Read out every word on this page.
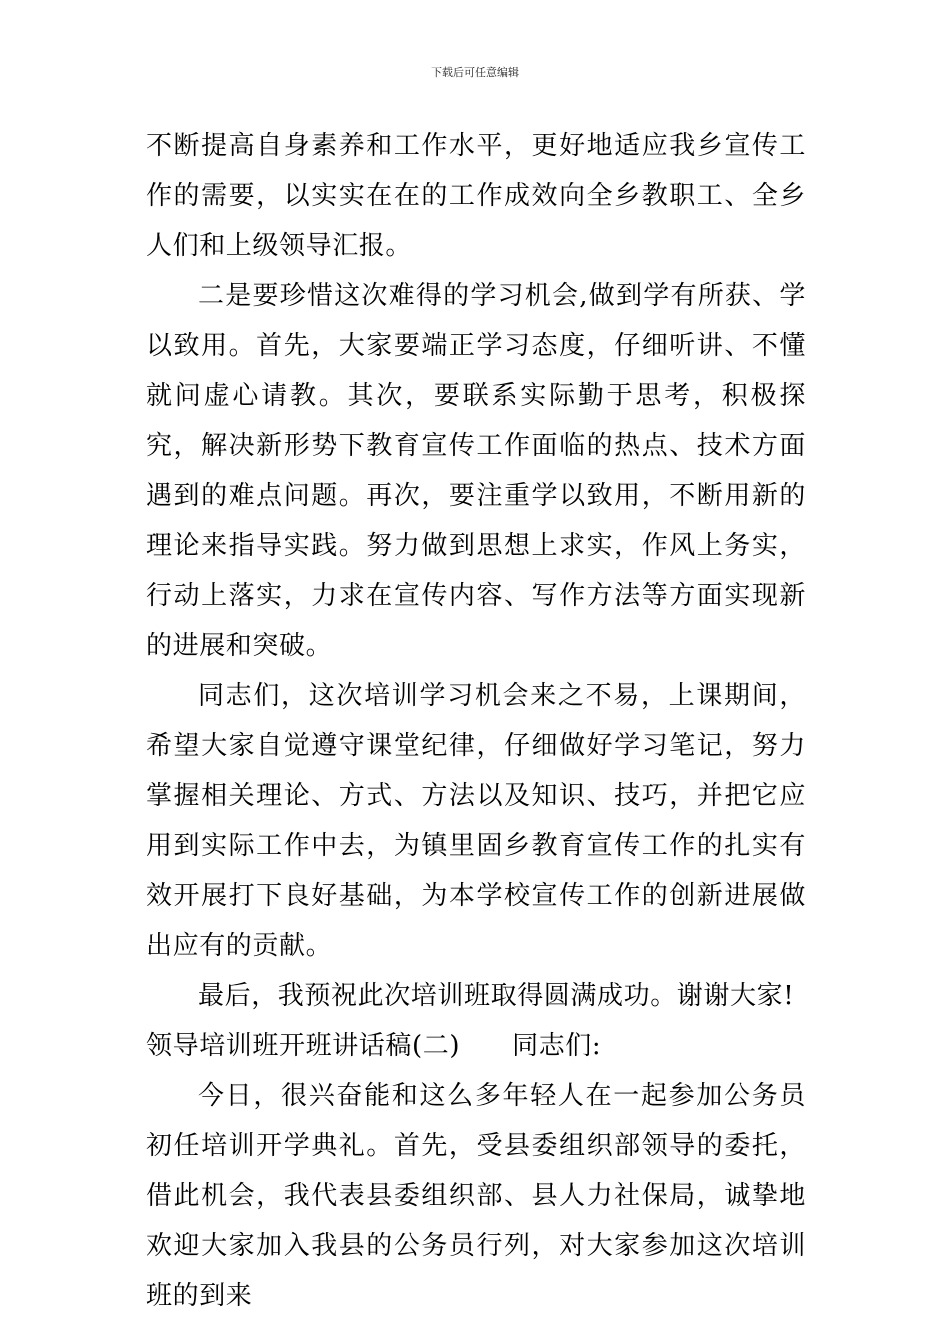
下载后可任意编辑

不断提高自身素养和工作水平，更好地适应我乡宣传工作的需要，以实实在在的工作成效向全乡教职工、全乡人们和上级领导汇报。

二是要珍惜这次难得的学习机会,做到学有所获、学以致用。首先，大家要端正学习态度，仔细听讲、不懂就问虚心请教。其次，要联系实际勤于思考，积极探究，解决新形势下教育宣传工作面临的热点、技术方面遇到的难点问题。再次，要注重学以致用，不断用新的理论来指导实践。努力做到思想上求实，作风上务实，行动上落实，力求在宣传内容、写作方法等方面实现新的进展和突破。

同志们，这次培训学习机会来之不易，上课期间，希望大家自觉遵守课堂纪律，仔细做好学习笔记，努力掌握相关理论、方式、方法以及知识、技巧，并把它应用到实际工作中去，为镇里固乡教育宣传工作的扎实有效开展打下良好基础，为本学校宣传工作的创新进展做出应有的贡献。

最后，我预祝此次培训班取得圆满成功。谢谢大家!

领导培训班开班讲话稿(二) 同志们:

今日，很兴奋能和这么多年轻人在一起参加公务员初任培训开学典礼。首先，受县委组织部领导的委托，借此机会，我代表县委组织部、县人力社保局，诚挚地欢迎大家加入我县的公务员行列，对大家参加这次培训班的到来
